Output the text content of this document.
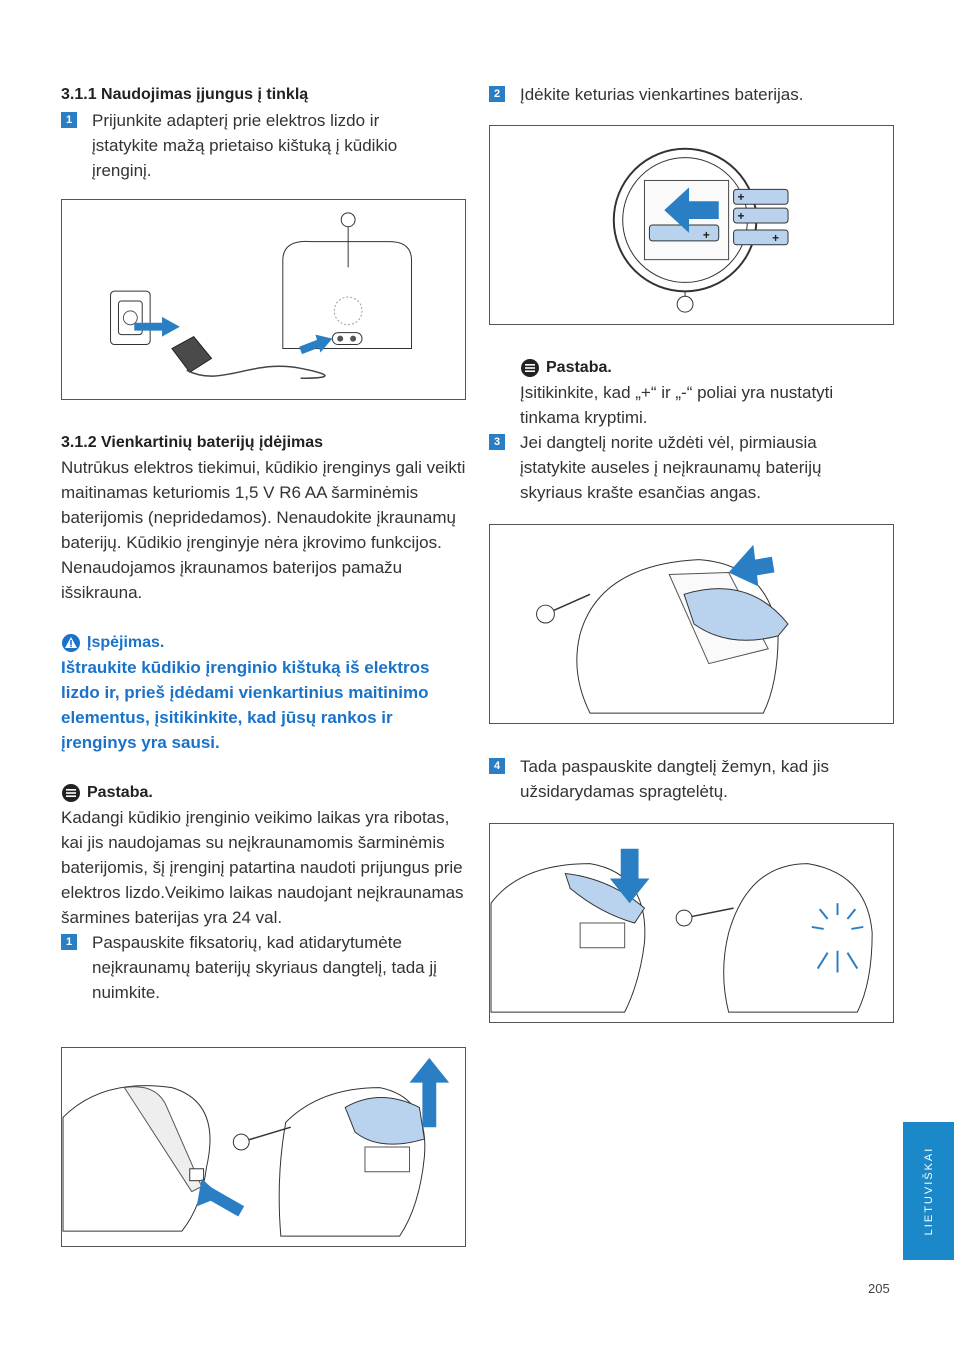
3.1.1 Naudojimas įjungus į tinklą

1 Prijunkite adapterį prie elektros lizdo ir įstatykite mažą prietaiso kištuką į kūdikio įrenginį.

3.1.2 Vienkartinių baterijų įdėjimas

Nutrūkus elektros tiekimui, kūdikio įrenginys gali veikti maitinamas keturiomis 1,5 V R6 AA šarminėmis baterijomis (nepridedamos). Nenaudokite įkraunamų baterijų. Kūdikio įrenginyje nėra įkrovimo funkcijos. Nenaudojamos įkraunamos baterijos pamažu išsikrauna.

Įspėjimas.

Ištraukite kūdikio įrenginio kištuką iš elektros lizdo ir, prieš įdėdami vienkartinius maitinimo elementus, įsitikinkite, kad jūsų rankos ir įrenginys yra sausi.

Pastaba.

Kadangi kūdikio įrenginio veikimo laikas yra ribotas, kai jis naudojamas su neįkraunamomis šarminėmis baterijomis, šį įrenginį patartina naudoti prijungus prie elektros lizdo.Veikimo laikas naudojant neįkraunamas šarmines baterijas yra 24 val.

1 Paspauskite fiksatorių, kad atidarytumėte neįkraunamų baterijų skyriaus dangtelį, tada jį nuimkite.

2 Įdėkite keturias vienkartines baterijas.

+
+
+
+

Pastaba.

Įsitikinkite, kad „+“ ir „-“ poliai yra nustatyti tinkama kryptimi.

3 Jei dangtelį norite uždėti vėl, pirmiausia įstatykite auseles į neįkraunamų baterijų skyriaus krašte esančias angas.

4 Tada paspauskite dangtelį žemyn, kad jis užsidarydamas spragtelėtų.

LIETUVIŠKAI
205
